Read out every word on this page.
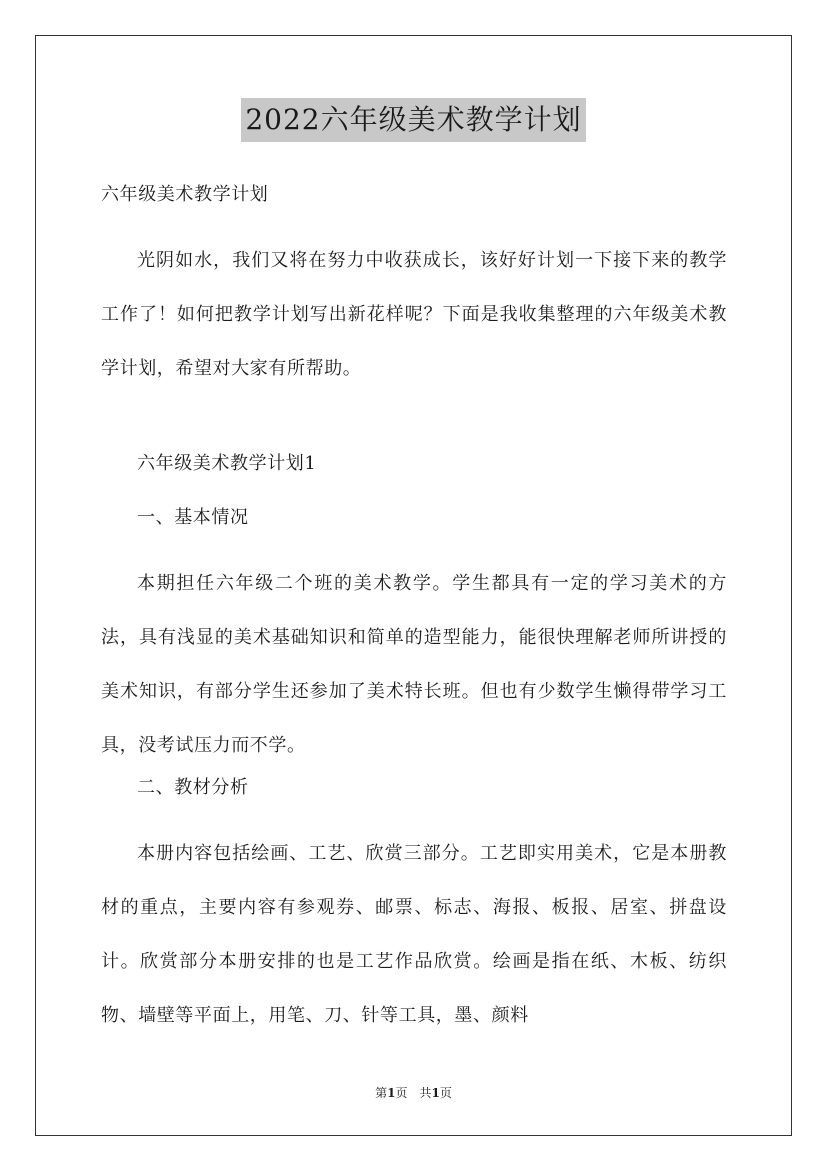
2022六年级美术教学计划

六年级美术教学计划

光阴如水，我们又将在努力中收获成长，该好好计划一下接下来的教学工作了！如何把教学计划写出新花样呢？下面是我收集整理的六年级美术教学计划，希望对大家有所帮助。

六年级美术教学计划1

一、基本情况

本期担任六年级二个班的美术教学。学生都具有一定的学习美术的方法，具有浅显的美术基础知识和简单的造型能力，能很快理解老师所讲授的美术知识，有部分学生还参加了美术特长班。但也有少数学生懒得带学习工具，没考试压力而不学。

二、教材分析

本册内容包括绘画、工艺、欣赏三部分。工艺即实用美术，它是本册教材的重点，主要内容有参观券、邮票、标志、海报、板报、居室、拼盘设计。欣赏部分本册安排的也是工艺作品欣赏。绘画是指在纸、木板、纺织物、墙壁等平面上，用笔、刀、针等工具，墨、颜料

第1页　共1页
